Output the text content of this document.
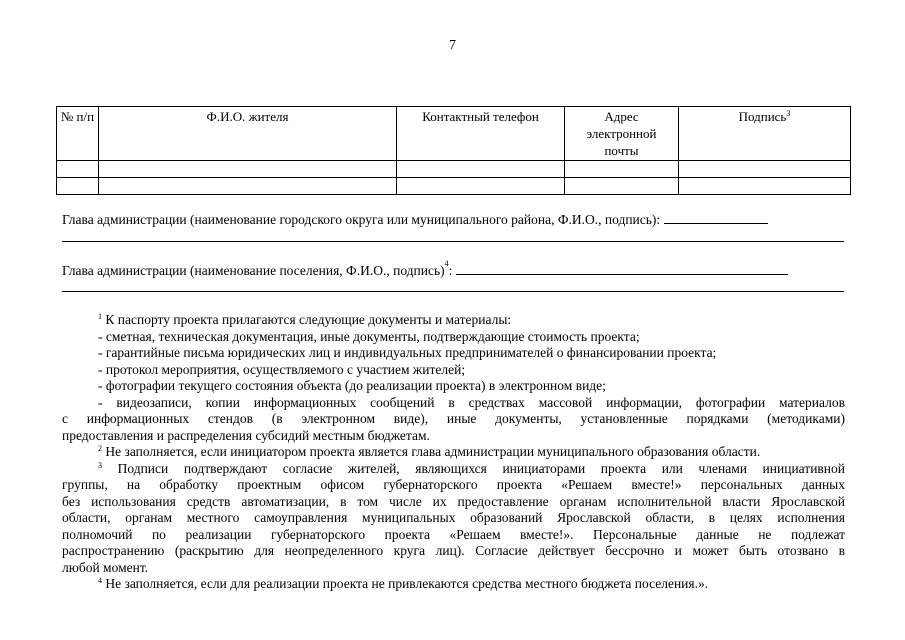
7
№ п/п	Ф.И.О. жителя	Контактный телефон	Адрес электронной почты	Подпись$^3$

Глава администрации (наименование городского округа или муниципального района, Ф.И.О., подпись):
Глава администрации (наименование поселения, Ф.И.О., подпись)$^4$:

$^1$ К паспорту проекта прилагаются следующие документы и материалы:

- сметная, техническая документация, иные документы, подтверждающие стоимость проекта;

- гарантийные письма юридических лиц и индивидуальных предпринимателей о финансировании проекта;

- протокол мероприятия, осуществляемого с участием жителей;

- фотографии текущего состояния объекта (до реализации проекта) в электронном виде;

- видеозаписи, копии информационных сообщений в средствах массовой информации, фотографии материалов

с информационных стендов (в электронном виде), иные документы, установленные порядками (методиками)

предоставления и распределения субсидий местным бюджетам.

$^2$ Не заполняется, если инициатором проекта является глава администрации муниципального образования области.

$^3$ Подписи подтверждают согласие жителей, являющихся инициаторами проекта или членами инициативной

группы, на обработку проектным офисом губернаторского проекта «Решаем вместе!» персональных данных

без использования средств автоматизации, в том числе их предоставление органам исполнительной власти Ярославской

области, органам местного самоуправления муниципальных образований Ярославской области, в целях исполнения

полномочий по реализации губернаторского проекта «Решаем вместе!». Персональные данные не подлежат

распространению (раскрытию для неопределенного круга лиц). Согласие действует бессрочно и может быть отозвано в

любой момент.

$^4$ Не заполняется, если для реализации проекта не привлекаются средства местного бюджета поселения.».
